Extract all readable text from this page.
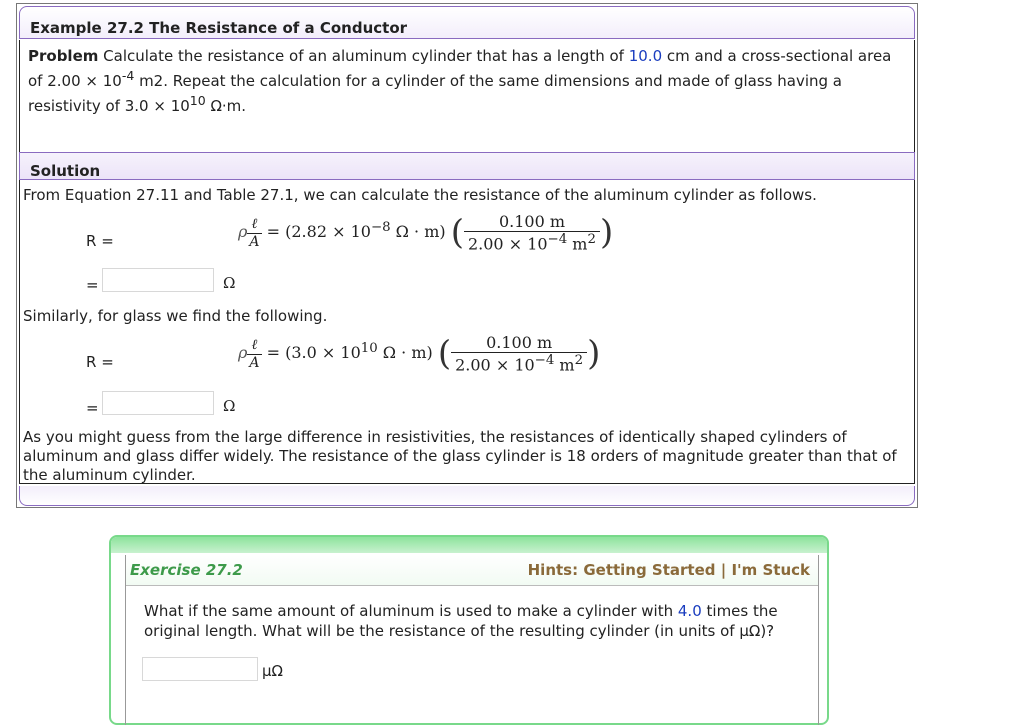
Example 27.2 The Resistance of a Conductor
Problem Calculate the resistance of an aluminum cylinder that has a length of 10.0 cm and a cross-sectional area of $2.00 \times 10^{-4}$ m2. Repeat the calculation for a cylinder of the same dimensions and made of glass having a resistivity of $3.0 \times 10^{10}$ Ω·m.
Solution
From Equation 27.11 and Table 27.1, we can calculate the resistance of the aluminum cylinder as follows.
R =	ρ $\frac{\text{ℓ}}{A} = (2.82 \times 10^{-8}$ Ω · m) ( $\frac{0.100 m}{2.00 \times 10^{-4} m^2}$ )
=	Ω
Similarly, for glass we find the following.
R =	ρ $\frac{\text{ℓ}}{A} = (3.0 \times 10^{10}$ Ω · m) ( $\frac{0.100 m}{2.00 \times 10^{-4} m^2}$ )
=	Ω
As you might guess from the large difference in resistivities, the resistances of identically shaped cylinders of aluminum and glass differ widely. The resistance of the glass cylinder is 18 orders of magnitude greater than that of the aluminum cylinder.
Exercise 27.2	Hints: Getting Started | I'm Stuck
What if the same amount of aluminum is used to make a cylinder with 4.0 times the original length. What will be the resistance of the resulting cylinder (in units of µΩ)?
µΩ
